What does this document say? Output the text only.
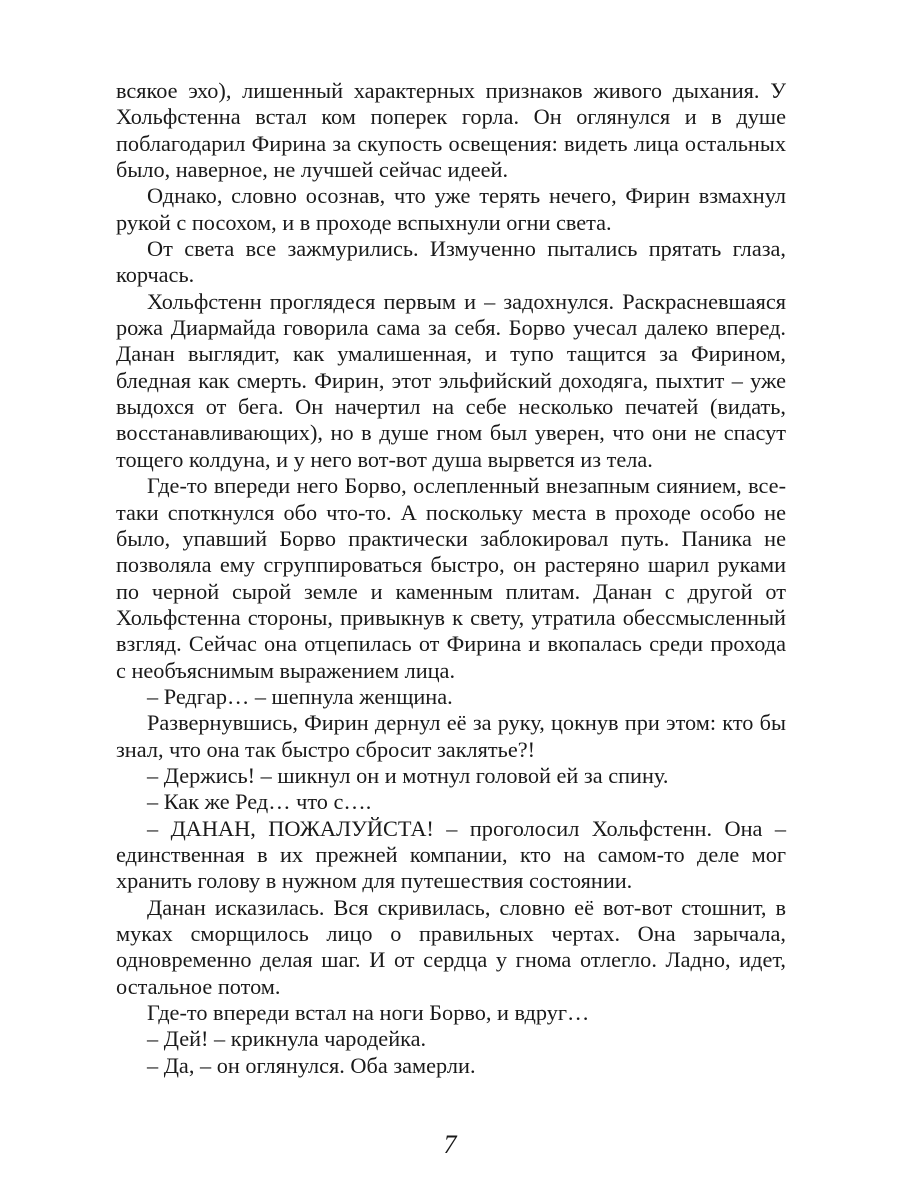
всякое эхо), лишенный характерных признаков живого дыхания. У Хольфстенна встал ком поперек горла. Он оглянулся и в душе поблагодарил Фирина за скупость освещения: видеть лица остальных было, наверное, не лучшей сейчас идеей.

Однако, словно осознав, что уже терять нечего, Фирин взмахнул рукой с посохом, и в проходе вспыхнули огни света.

От света все зажмурились. Измученно пытались прятать глаза, корчась.

Хольфстенн проглядеся первым и – задохнулся. Раскрасневшаяся рожа Диармайда говорила сама за себя. Борво учесал далеко вперед. Данан выглядит, как умалишенная, и тупо тащится за Фирином, бледная как смерть. Фирин, этот эльфийский доходяга, пыхтит – уже выдохся от бега. Он начертил на себе несколько печатей (видать, восстанавливающих), но в душе гном был уверен, что они не спасут тощего колдуна, и у него вот-вот душа вырвется из тела.

Где-то впереди него Борво, ослепленный внезапным сиянием, все-таки споткнулся обо что-то. А поскольку места в проходе особо не было, упавший Борво практически заблокировал путь. Паника не позволяла ему сгруппироваться быстро, он растеряно шарил руками по черной сырой земле и каменным плитам. Данан с другой от Хольфстенна стороны, привыкнув к свету, утратила обессмысленный взгляд. Сейчас она отцепилась от Фирина и вкопалась среди прохода с необъяснимым выражением лица.

– Редгар… – шепнула женщина.

Развернувшись, Фирин дернул её за руку, цокнув при этом: кто бы знал, что она так быстро сбросит заклятье?!

– Держись! – шикнул он и мотнул головой ей за спину.

– Как же Ред… что с….

– ДАНАН, ПОЖАЛУЙСТА! – проголосил Хольфстенн. Она – единственная в их прежней компании, кто на самом-то деле мог хранить голову в нужном для путешествия состоянии.

Данан исказилась. Вся скривилась, словно её вот-вот стошнит, в муках сморщилось лицо о правильных чертах. Она зарычала, одновременно делая шаг. И от сердца у гнома отлегло. Ладно, идет, остальное потом.

Где-то впереди встал на ноги Борво, и вдруг…

– Дей! – крикнула чародейка.

– Да, – он оглянулся. Оба замерли.

7
